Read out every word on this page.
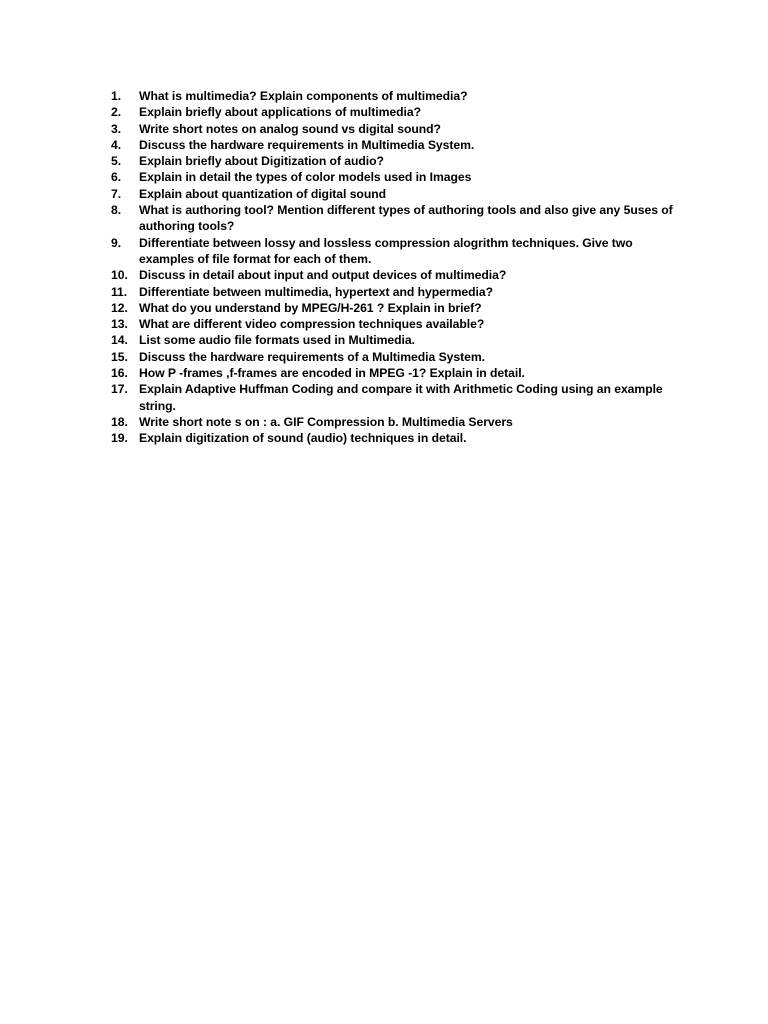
1.	What is multimedia? Explain components of multimedia?
2.	Explain briefly about applications of multimedia?
3.	Write short notes on analog sound vs digital sound?
4.	Discuss the hardware requirements in Multimedia System.
5.	Explain briefly about Digitization of audio?
6.	Explain in detail the types of color models used in Images
7.	Explain about quantization of digital sound
8.	What is authoring tool? Mention different types of authoring tools and also give any 5uses of authoring tools?
9.	Differentiate between lossy and lossless compression alogrithm techniques. Give two examples of file format for each of them.
10. Discuss in detail about input and output devices of multimedia?
11. Differentiate between multimedia, hypertext and hypermedia?
12. What do you understand by MPEG/H-261 ? Explain in brief?
13. What are different video compression techniques available?
14. List some audio file formats used in Multimedia.
15. Discuss the hardware requirements of a Multimedia System.
16. How P -frames ,f-frames are encoded in MPEG -1? Explain in detail.
17. Explain Adaptive Huffman Coding and compare it with Arithmetic Coding using an example string.
18. Write short note s on : a. GIF Compression b. Multimedia Servers
19. Explain digitization of sound (audio) techniques in detail.
